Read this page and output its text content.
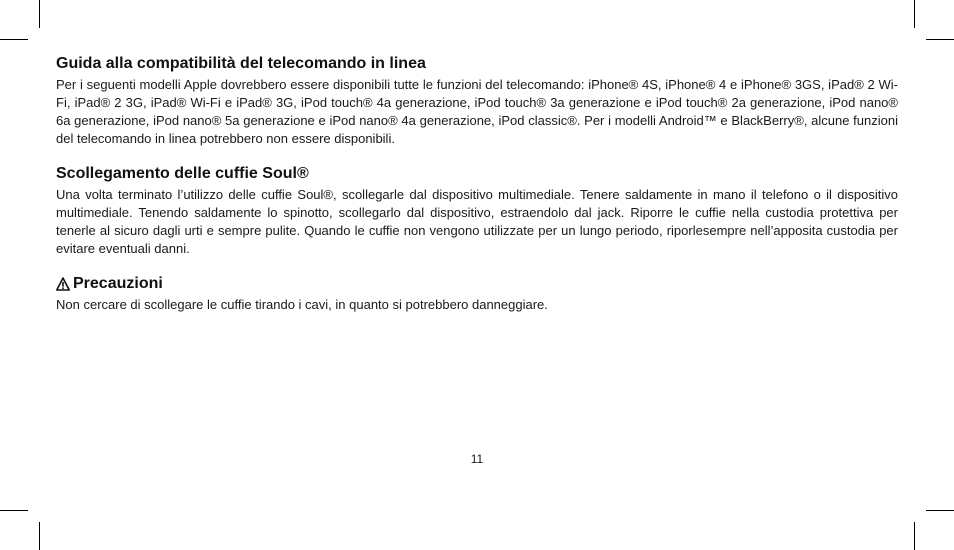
Guida alla compatibilità del telecomando in linea

Per i seguenti modelli Apple dovrebbero essere disponibili tutte le funzioni del telecomando: iPhone® 4S, iPhone® 4 e iPhone® 3GS, iPad® 2 Wi-Fi, iPad® 2 3G, iPad® Wi-Fi e iPad® 3G, iPod touch® 4a generazione, iPod touch® 3a generazione e iPod touch® 2a generazione, iPod nano® 6a generazione, iPod nano® 5a generazione e iPod nano® 4a generazione, iPod classic®. Per i modelli Android™ e BlackBerry®, alcune funzioni del telecomando in linea potrebbero non essere disponibili.

Scollegamento delle cuffie Soul®

Una volta terminato l’utilizzo delle cuffie Soul®, scollegarle dal dispositivo multimediale. Tenere saldamente in mano il telefono o il dispositivo multimediale. Tenendo saldamente lo spinotto, scollegarlo dal dispositivo, estraendolo dal jack. Riporre le cuffie nella custodia protettiva per tenerle al sicuro dagli urti e sempre pulite. Quando le cuffie non vengono utilizzate per un lungo periodo, riporlesempre nell’apposita custodia per evitare eventuali danni.

Precauzioni

Non cercare di scollegare le cuffie tirando i cavi, in quanto si potrebbero danneggiare.

11
